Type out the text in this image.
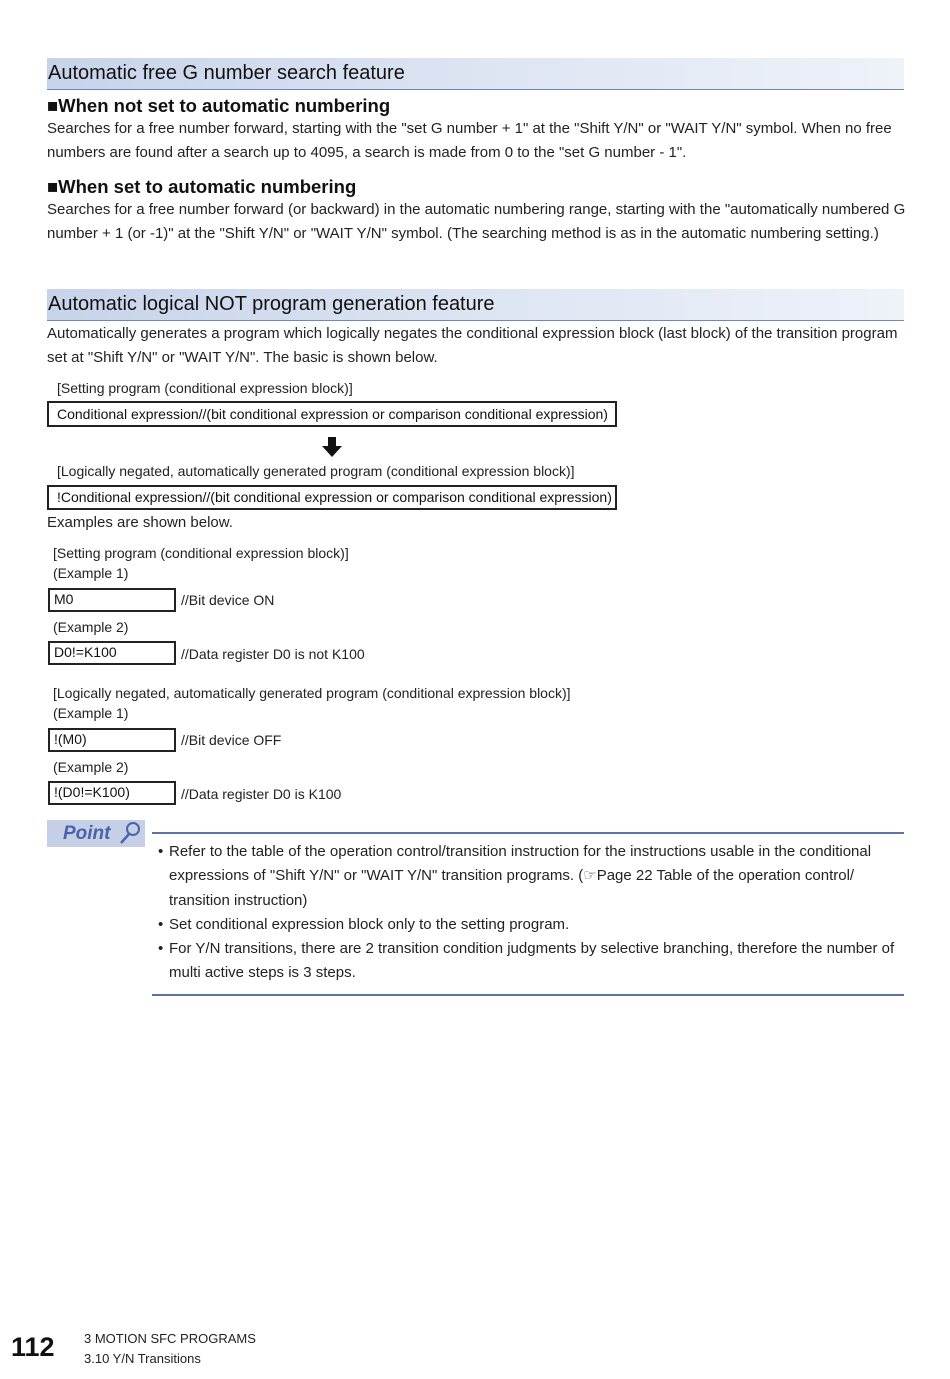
Automatic free G number search feature
■When not set to automatic numbering
Searches for a free number forward, starting with the "set G number + 1" at the "Shift Y/N" or "WAIT Y/N" symbol. When no free numbers are found after a search up to 4095, a search is made from 0 to the "set G number - 1".
■When set to automatic numbering
Searches for a free number forward (or backward) in the automatic numbering range, starting with the "automatically numbered G number + 1 (or -1)" at the "Shift Y/N" or "WAIT Y/N" symbol. (The searching method is as in the automatic numbering setting.)
Automatic logical NOT program generation feature
Automatically generates a program which logically negates the conditional expression block (last block) of the transition program set at "Shift Y/N" or "WAIT Y/N". The basic is shown below.
[Setting program (conditional expression block)]
Conditional expression//(bit conditional expression or comparison conditional expression)
[Logically negated, automatically generated program (conditional expression block)]
!Conditional expression//(bit conditional expression or comparison conditional expression)
Examples are shown below.
[Setting program (conditional expression block)]
(Example 1)
M0	//Bit device ON
(Example 2)
D0!=K100	//Data register D0 is not K100
[Logically negated, automatically generated program (conditional expression block)]
(Example 1)
!(M0)	//Bit device OFF
(Example 2)
!(D0!=K100)	//Data register D0 is K100
Point
• Refer to the table of the operation control/transition instruction for the instructions usable in the conditional expressions of "Shift Y/N" or "WAIT Y/N" transition programs. (☞Page 22 Table of the operation control/ transition instruction)
• Set conditional expression block only to the setting program.
• For Y/N transitions, there are 2 transition condition judgments by selective branching, therefore the number of multi active steps is 3 steps.
112 3 MOTION SFC PROGRAMS
3.10 Y/N Transitions
